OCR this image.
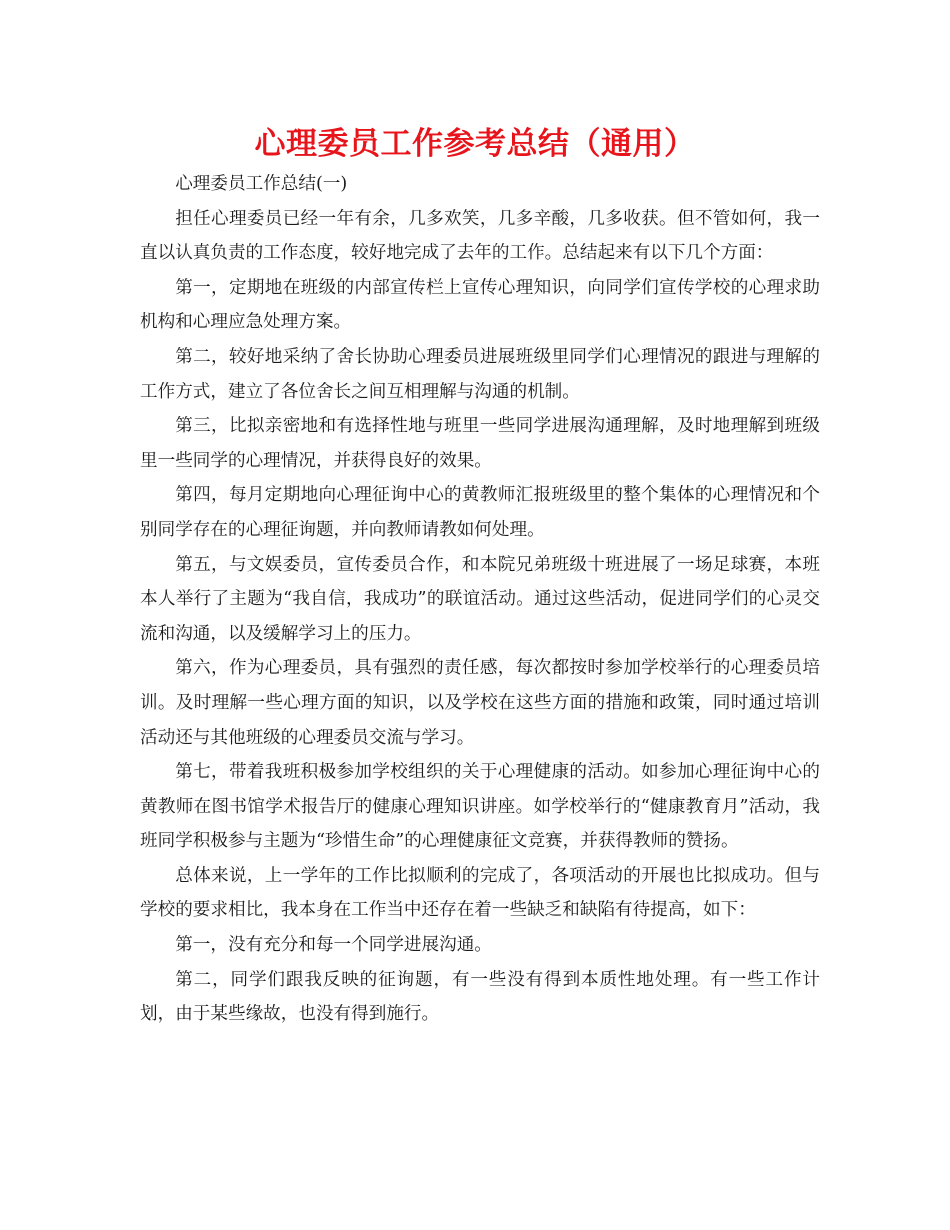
心理委员工作参考总结（通用）

心理委员工作总结(一)

担任心理委员已经一年有余，几多欢笑，几多辛酸，几多收获。但不管如何，我一直以认真负责的工作态度，较好地完成了去年的工作。总结起来有以下几个方面：

第一，定期地在班级的内部宣传栏上宣传心理知识，向同学们宣传学校的心理求助机构和心理应急处理方案。

第二，较好地采纳了舍长协助心理委员进展班级里同学们心理情况的跟进与理解的工作方式，建立了各位舍长之间互相理解与沟通的机制。

第三，比拟亲密地和有选择性地与班里一些同学进展沟通理解，及时地理解到班级里一些同学的心理情况，并获得良好的效果。

第四，每月定期地向心理征询中心的黄教师汇报班级里的整个集体的心理情况和个别同学存在的心理征询题，并向教师请教如何处理。

第五，与文娱委员，宣传委员合作，和本院兄弟班级十班进展了一场足球赛，本班本人举行了主题为“我自信，我成功”的联谊活动。通过这些活动，促进同学们的心灵交流和沟通，以及缓解学习上的压力。

第六，作为心理委员，具有强烈的责任感，每次都按时参加学校举行的心理委员培训。及时理解一些心理方面的知识，以及学校在这些方面的措施和政策，同时通过培训活动还与其他班级的心理委员交流与学习。

第七，带着我班积极参加学校组织的关于心理健康的活动。如参加心理征询中心的黄教师在图书馆学术报告厅的健康心理知识讲座。如学校举行的“健康教育月”活动，我班同学积极参与主题为“珍惜生命”的心理健康征文竞赛，并获得教师的赞扬。

总体来说，上一学年的工作比拟顺利的完成了，各项活动的开展也比拟成功。但与学校的要求相比，我本身在工作当中还存在着一些缺乏和缺陷有待提高，如下：

第一，没有充分和每一个同学进展沟通。

第二，同学们跟我反映的征询题，有一些没有得到本质性地处理。有一些工作计划，由于某些缘故，也没有得到施行。
